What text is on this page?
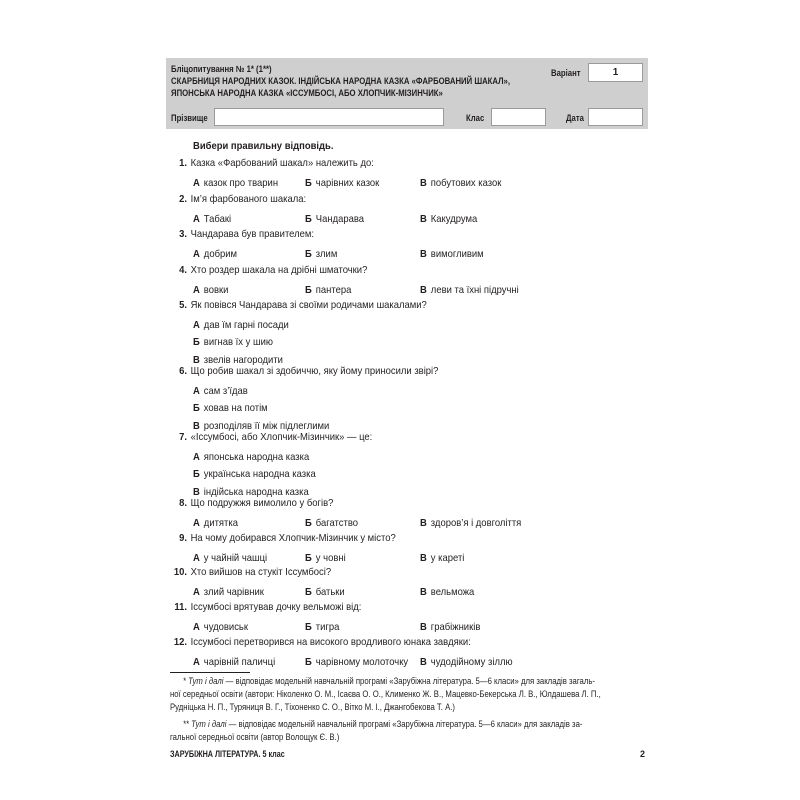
Бліцопитування № 1* (1**)
СКАРБНИЦЯ НАРОДНИХ КАЗОК. ІНДІЙСЬКА НАРОДНА КАЗКА «ФАРБОВАНИЙ ШАКАЛ»,
ЯПОНСЬКА НАРОДНА КАЗКА «ІССУМБОСІ, АБО ХЛОПЧИК-МІЗИНЧИК»
Варіант	1
Прізвище	Клас	Дата
Вибери правильну відповідь.
1. Казка «Фарбований шакал» належить до:
А казок про тварин	Б чарівних казок	В побутових казок
2. Ім’я фарбованого шакала:
А Табакі	Б Чандарава	В Какудрума
3. Чандарава був правителем:
А добрим	Б злим	В вимогливим
4. Хто роздер шакала на дрібні шматочки?
А вовки	Б пантера	В леви та їхні підручні
5. Як повівся Чандарава зі своїми родичами шакалами?
А дав їм гарні посади
Б вигнав їх у шию
В звелів нагородити
6. Що робив шакал зі здобиччю, яку йому приносили звірі?
А сам з’їдав
Б ховав на потім
В розподіляв її між підлеглими
7. «Іссумбосі, або Хлопчик-Мізинчик» — це:
А японська народна казка
Б українська народна казка
В індійська народна казка
8. Що подружжя вимолило у богів?
А дитятка	Б багатство	В здоров’я і довголіття
9. На чому добирався Хлопчик-Мізинчик у місто?
А у чайній чашці	Б у човні	В у кареті
10. Хто вийшов на стукіт Іссумбосі?
А злий чарівник	Б батьки	В вельможа
11. Іссумбосі врятував дочку вельможі від:
А чудовиськ	Б тигра	В грабіжників
12. Іссумбосі перетворився на високого вродливого юнака завдяки:
А чарівній паличці	Б чарівному молоточку В чудодійному зіллю
* Тут і далі — відповідає модельній навчальній програмі «Зарубіжна література. 5—6 класи» для закладів загаль-
ної середньої освіти (автори: Ніколенко О. М., Ісаєва О. О., Клименко Ж. В., Мацевко-Бекерська Л. В., Юлдашева Л. П.,
Рудніцька Н. П., Туряниця В. Г., Тіхоненко С. О., Вітко М. І., Джангобекова Т. А.)
** Тут і далі — відповідає модельній навчальній програмі «Зарубіжна література. 5—6 класи» для закладів за-
гальної середньої освіти (автор Волощук Є. В.)
ЗАРУБІЖНА ЛІТЕРАТУРА. 5 клас	2
